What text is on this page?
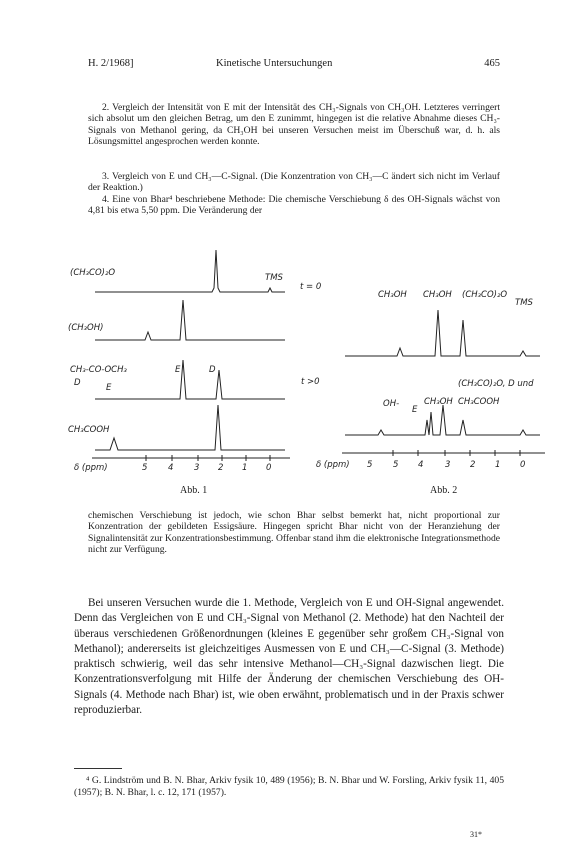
H. 2/1968]	Kinetische Untersuchungen	465

2. Vergleich der Intensität von E mit der Intensität des CH₃-Signals von CH₃OH. Letzteres verringert sich absolut um den gleichen Betrag, um den E zunimmt, hingegen ist die relative Abnahme dieses CH₃-Signals von Methanol gering, da CH₃OH bei unseren Versuchen meist im Überschuß war, d. h. als Lösungsmittel angesprochen werden konnte.

3. Vergleich von E und CH₃—C-Signal. (Die Konzentration von CH₃—C ändert sich nicht im Verlauf der Reaktion.)

4. Eine von Bhar⁴ beschriebene Methode: Die chemische Verschiebung δ des OH-Signals wächst von 4,81 bis etwa 5,50 ppm. Die Veränderung der

(CH₃CO)₂O	TMS
(CH₃OH)
CH₃-CO-OCH₃
D	E
E	D
CH₃COOH
δ (ppm)	5 4 3 2 1 0
t = 0
CH₃OH CH₃OH (CH₃CO)₂O
TMS
t >0	(CH₃CO)₂O, D und
OH-
E
CH₃OH CH₃COOH
δ (ppm) 5 5 4	3 2 1 0
Abb. 1	Abb. 2

chemischen Verschiebung ist jedoch, wie schon Bhar selbst bemerkt hat, nicht proportional zur Konzentration der gebildeten Essigsäure. Hingegen spricht Bhar nicht von der Heranziehung der Signalintensität zur Konzentrationsbestimmung. Offenbar stand ihm die elektronische Integrationsmethode nicht zur Verfügung.

Bei unseren Versuchen wurde die 1. Methode, Vergleich von E und OH-Signal angewendet. Denn das Vergleichen von E und CH₃-Signal von Methanol (2. Methode) hat den Nachteil der überaus verschiedenen Größenordnungen (kleines E gegenüber sehr großem CH₃-Signal von Methanol); andererseits ist gleichzeitiges Ausmessen von E und CH₃—C-Signal (3. Methode) praktisch schwierig, weil das sehr intensive Methanol—CH₃-Signal dazwischen liegt. Die Konzentrationsverfolgung mit Hilfe der Änderung der chemischen Verschiebung des OH-Signals (4. Methode nach Bhar) ist, wie oben erwähnt, problematisch und in der Praxis schwer reproduzierbar.

⁴ G. Lindström und B. N. Bhar, Arkiv fysik 10, 489 (1956); B. N. Bhar und W. Forsling, Arkiv fysik 11, 405 (1957); B. N. Bhar, l. c. 12, 171 (1957).

31*
